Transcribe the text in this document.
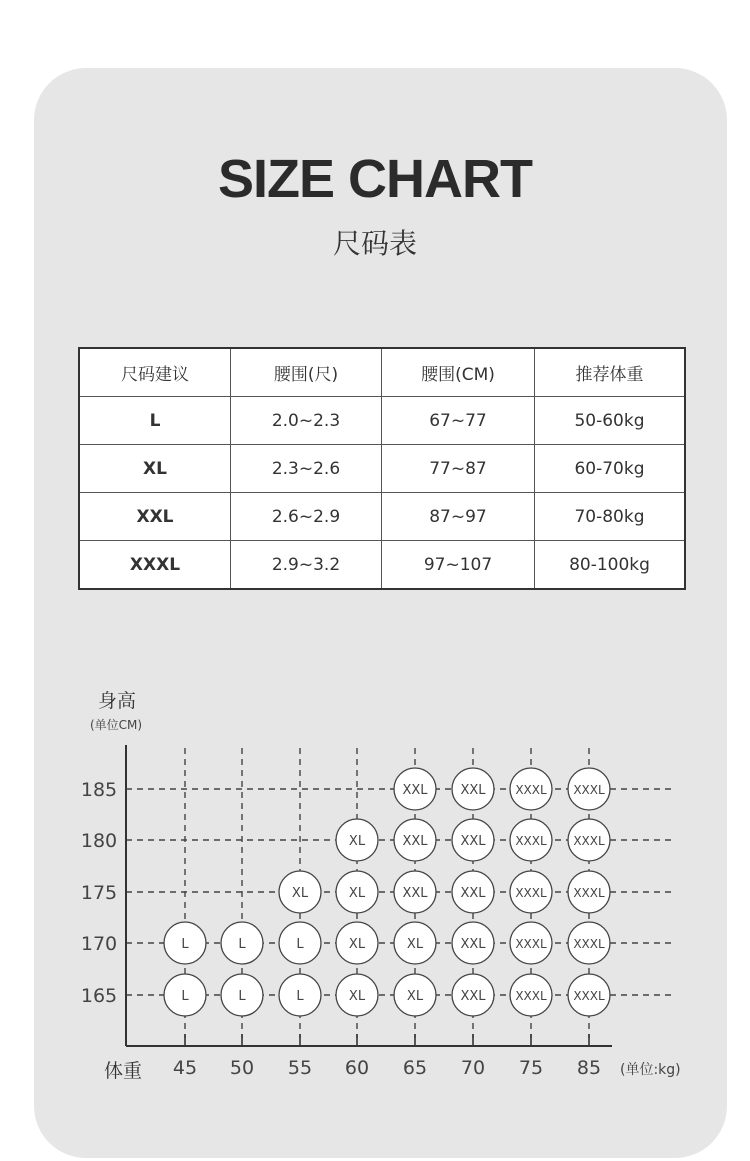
SIZE CHART
尺码表
尺码建议	腰围(尺)	腰围(CM)	推荐体重
L	2.0~2.3	67~77	50-60kg
XL	2.3~2.6	77~87	60-70kg
XXL	2.6~2.9	87~97	70-80kg
XXXL	2.9~3.2	97~107	80-100kg
身高
(单位CM)
体重	(单位:kg)
185
180
175
170
165
45 50 55 60 65 70 75 85
XXL	XXL XXXL XXXL
XL	XXL	XXL XXXL XXXL
XL	XL	XXL	XXL XXXL XXXL
L	L	L	XL	XL	XXL XXXL XXXL
L	L	L	XL	XL	XXL XXXL XXXL
